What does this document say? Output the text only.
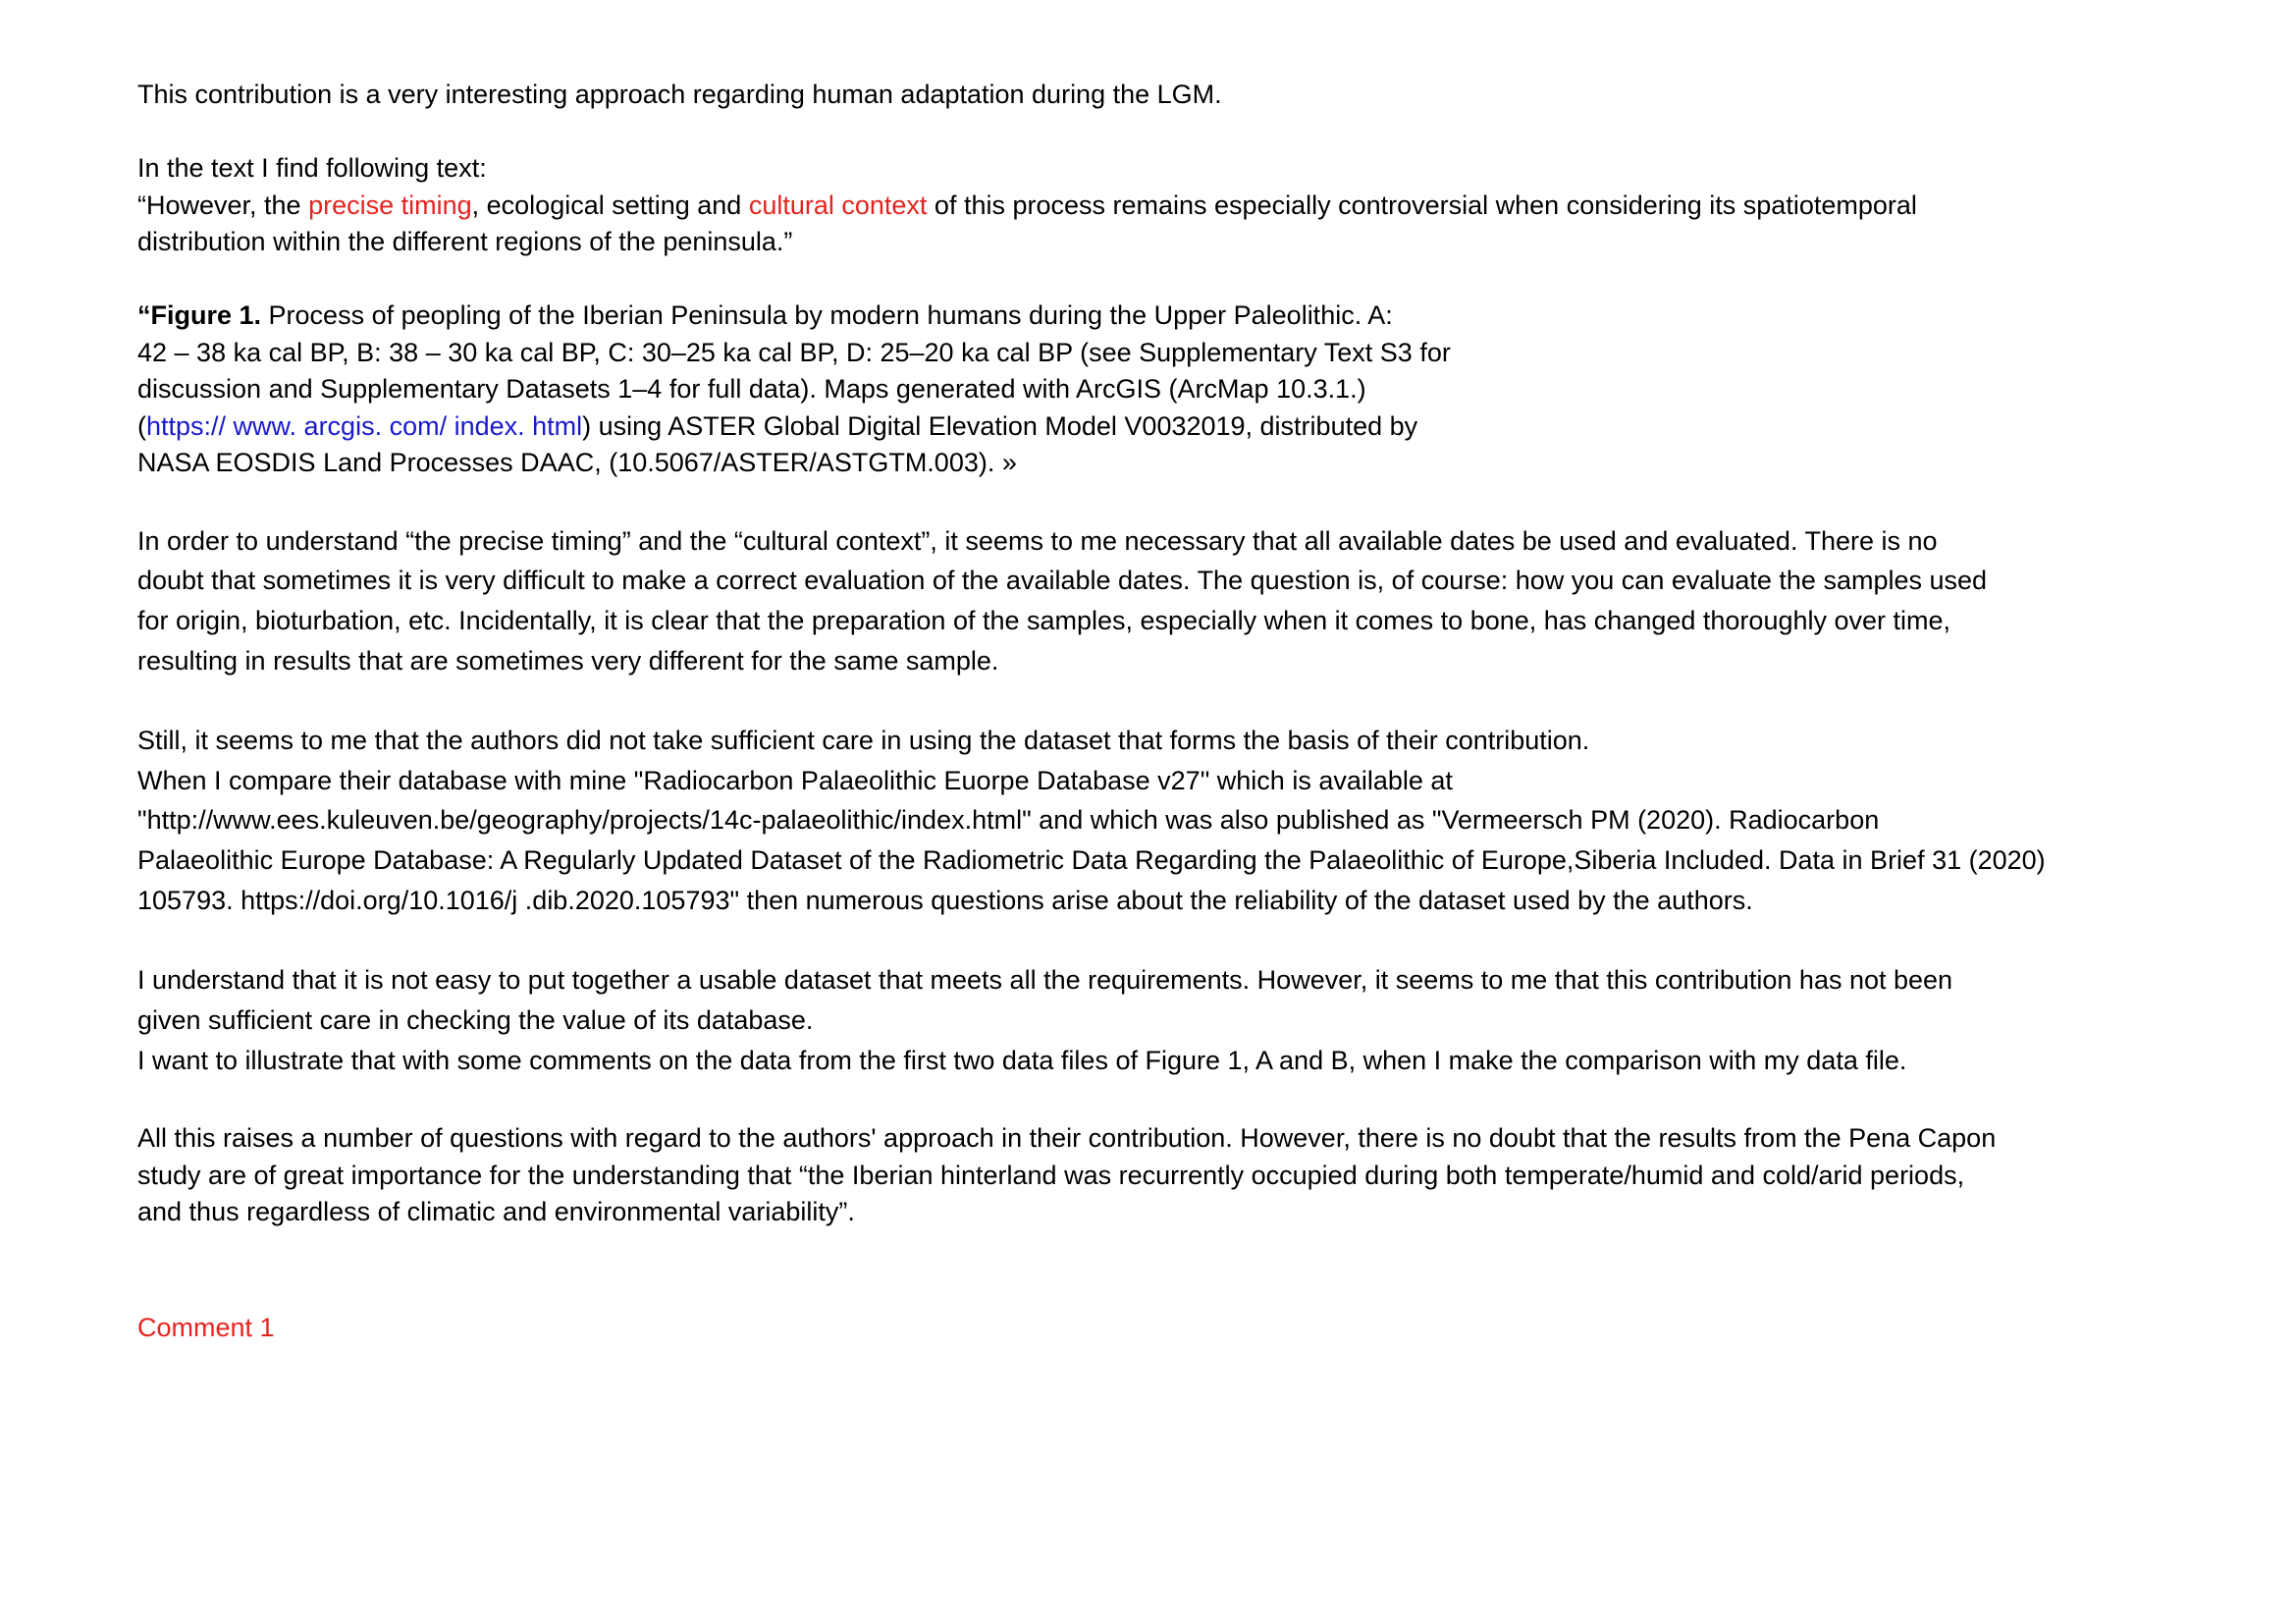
This contribution is a very interesting approach regarding human adaptation during the LGM.

In the text I find following text:
“However, the precise timing, ecological setting and cultural context of this process remains especially controversial when considering its spatiotemporal
distribution within the different regions of the peninsula.”
“Figure 1. Process of peopling of the Iberian Peninsula by modern humans during the Upper Paleolithic. A:
42 – 38 ka cal BP, B: 38 – 30 ka cal BP, C: 30–25 ka cal BP, D: 25–20 ka cal BP (see Supplementary Text S3 for
discussion and Supplementary Datasets 1–4 for full data). Maps generated with ArcGIS (ArcMap 10.3.1.)
(https:// www. arcgis. com/ index. html) using ASTER Global Digital Elevation Model V0032019, distributed by
NASA EOSDIS Land Processes DAAC, (10.5067/ASTER/ASTGTM.003). »
In order to understand “the precise timing” and the “cultural context”, it seems to me necessary that all available dates be used and evaluated. There is no
doubt that sometimes it is very difficult to make a correct evaluation of the available dates. The question is, of course: how you can evaluate the samples used
for origin, bioturbation, etc. Incidentally, it is clear that the preparation of the samples, especially when it comes to bone, has changed thoroughly over time,
resulting in results that are sometimes very different for the same sample.
Still, it seems to me that the authors did not take sufficient care in using the dataset that forms the basis of their contribution.
When I compare their database with mine "Radiocarbon Palaeolithic Euorpe Database v27" which is available at
"http://www.ees.kuleuven.be/geography/projects/14c-palaeolithic/index.html" and which was also published as "Vermeersch PM (2020). Radiocarbon
Palaeolithic Europe Database: A Regularly Updated Dataset of the Radiometric Data Regarding the Palaeolithic of Europe,Siberia Included. Data in Brief 31 (2020)
105793. https://doi.org/10.1016/j .dib.2020.105793" then numerous questions arise about the reliability of the dataset used by the authors.
I understand that it is not easy to put together a usable dataset that meets all the requirements. However, it seems to me that this contribution has not been
given sufficient care in checking the value of its database.
I want to illustrate that with some comments on the data from the first two data files of Figure 1, A and B, when I make the comparison with my data file.
All this raises a number of questions with regard to the authors' approach in their contribution. However, there is no doubt that the results from the Pena Capon
study are of great importance for the understanding that “the Iberian hinterland was recurrently occupied during both temperate/humid and cold/arid periods,
and thus regardless of climatic and environmental variability”.
Comment 1
